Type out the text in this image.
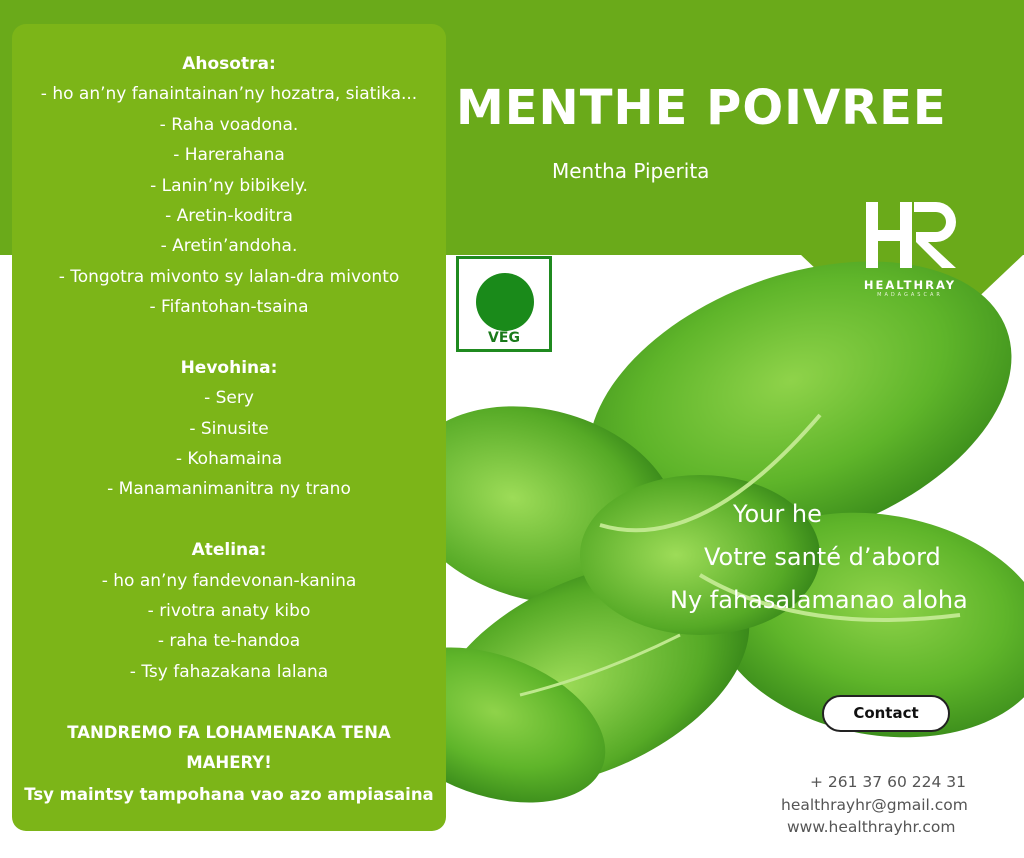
Ahosotra:
- ho an’ny fanaintainan’ny hozatra, siatika...
- Raha voadona.
- Harerahana
- Lanin’ny bibikely.
- Aretin-koditra
- Aretin’andoha.
- Tongotra mivonto sy lalan-dra mivonto
- Fifantohan-tsaina
Hevohina:
- Sery
- Sinusite
- Kohamaina
- Manamanimanitra ny trano
Atelina:
- ho an’ny fandevonan-kanina
- rivotra anaty kibo
- raha te-handoa
- Tsy fahazakana lalana
TANDREMO FA LOHAMENAKA TENA
MAHERY!
Tsy maintsy tampohana vao azo ampiasaina
MENTHE POIVREE
Mentha Piperita
HEALTHRAY
MADAGASCAR
VEG
Your he
Votre santé d’abord
Ny fahasalamanao aloha
Contact
+ 261 37 60 224 31
healthrayhr@gmail.com
www.healthrayhr.com
